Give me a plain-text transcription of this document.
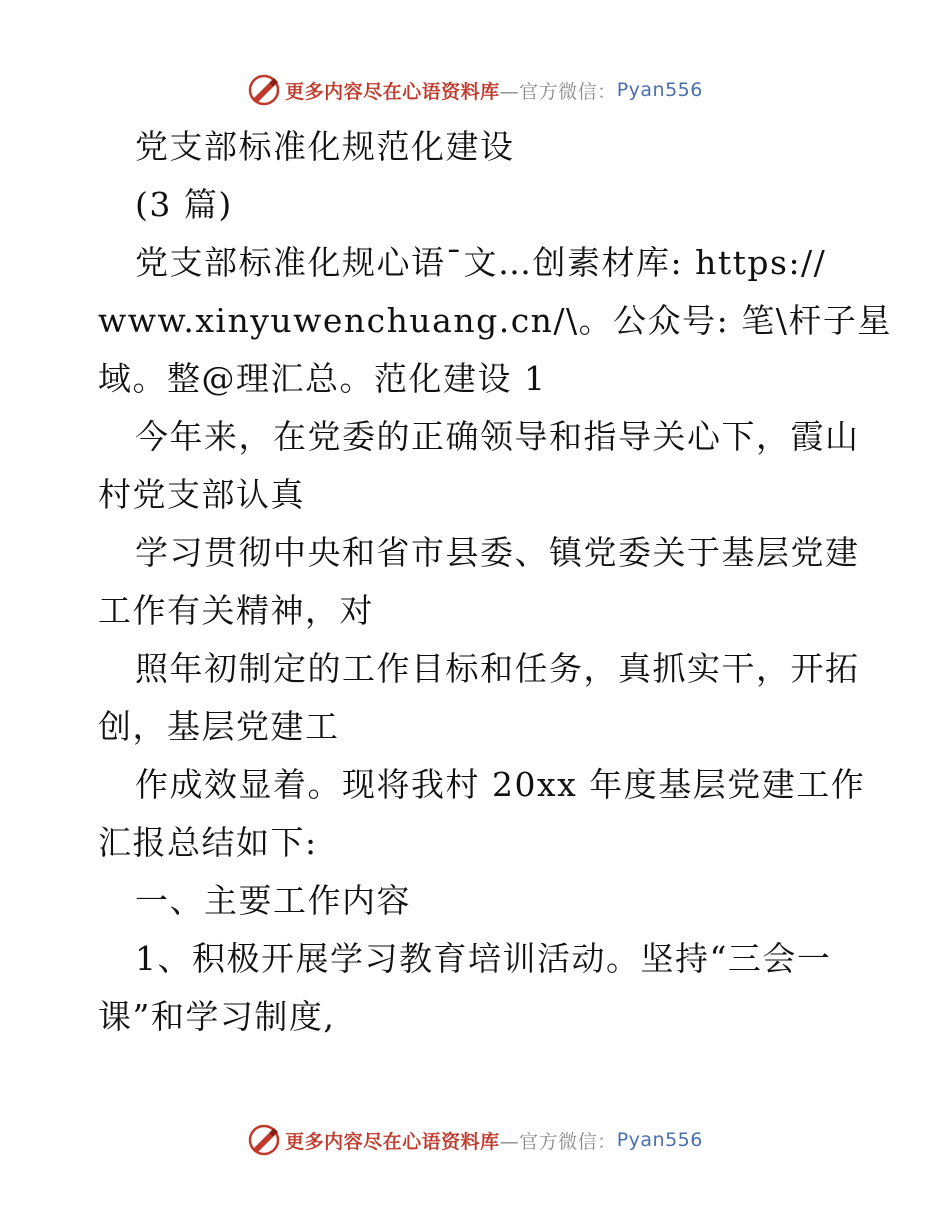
更多内容尽在心语资料库 —官方微信： Pyan556
党支部标准化规范化建设
(3 篇)
党支部标准化规心语¯文…创素材库: https://
www.xinyuwenchuang.cn/\。公众号: 笔\杆子星
域。整@理汇总。范化建设 1
今年来，在党委的正确领导和指导关心下，霞山
村党支部认真
学习贯彻中央和省市县委、镇党委关于基层党建
工作有关精神，对
照年初制定的工作目标和任务，真抓实干，开拓
创，基层党建工
作成效显着。现将我村 20xx 年度基层党建工作
汇报总结如下:
一、主要工作内容
1、积极开展学习教育培训活动。坚持“三会一
课”和学习制度,
更多内容尽在心语资料库 —官方微信： Pyan556
